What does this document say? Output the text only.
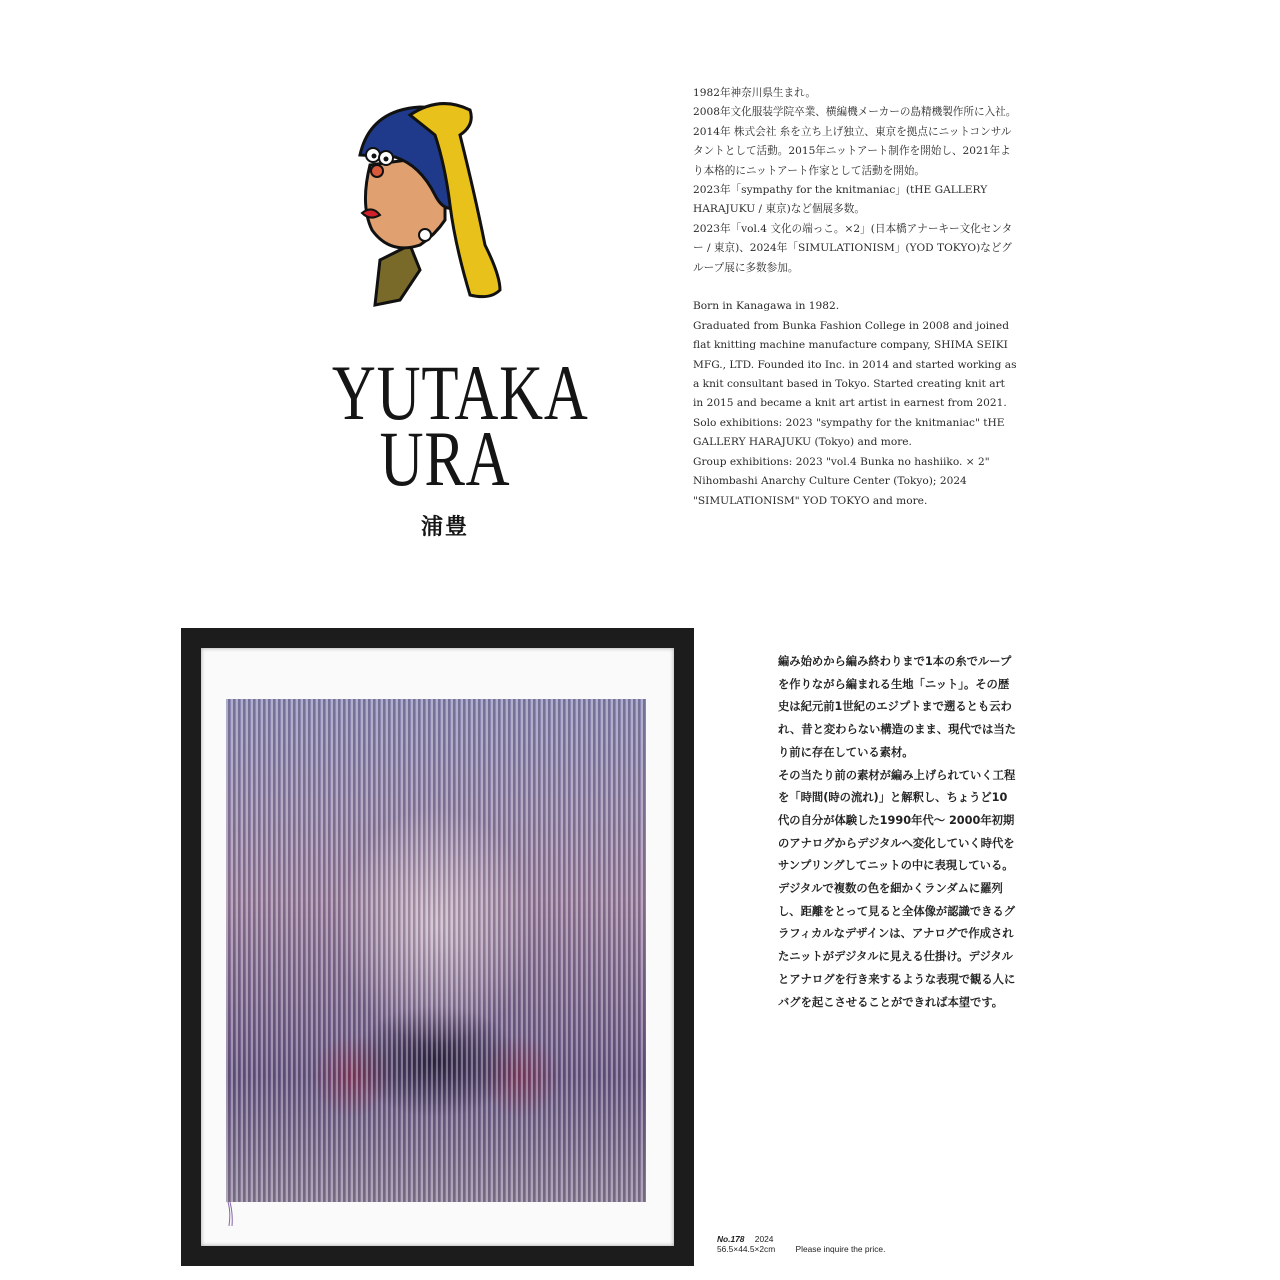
YUTAKA
URA
浦豊

1982年神奈川県生まれ。

2008年文化服装学院卒業、横編機メーカーの島精機製作所に入社。2014年 株式会社 糸を立ち上げ独立、東京を拠点にニットコンサルタントとして活動。2015年ニットアート制作を開始し、2021年より本格的にニットアート作家として活動を開始。

2023年「sympathy for the knitmaniac」(tHE GALLERY HARAJUKU / 東京)など個展多数。

2023年「vol.4 文化の端っこ。×2」(日本橋アナーキー文化センター / 東京)、2024年「SIMULATIONISM」(YOD TOKYO)などグループ展に多数参加。

Born in Kanagawa in 1982.

Graduated from Bunka Fashion College in 2008 and joined flat knitting machine manufacture company, SHIMA SEIKI MFG., LTD. Founded ito Inc. in 2014 and started working as a knit consultant based in Tokyo. Started creating knit art in 2015 and became a knit art artist in earnest from 2021.

Solo exhibitions: 2023 "sympathy for the knitmaniac" tHE GALLERY HARAJUKU (Tokyo) and more.

Group exhibitions: 2023 "vol.4 Bunka no hashiiko. × 2" Nihombashi Anarchy Culture Center (Tokyo); 2024 "SIMULATIONISM" YOD TOKYO and more.

No.178 2024
56.5×44.5×2cm Please inquire the price.

編み始めから編み終わりまで1本の糸でループを作りながら編まれる生地「ニット」。その歴史は紀元前1世紀のエジプトまで遡るとも云われ、昔と変わらない構造のまま、現代では当たり前に存在している素材。

その当たり前の素材が編み上げられていく工程を「時間(時の流れ)」と解釈し、ちょうど10代の自分が体験した1990年代〜 2000年初期のアナログからデジタルへ変化していく時代をサンプリングしてニットの中に表現している。

デジタルで複数の色を細かくランダムに羅列し、距離をとって見ると全体像が認識できるグラフィカルなデザインは、アナログで作成されたニットがデジタルに見える仕掛け。デジタルとアナログを行き来するような表現で観る人にバグを起こさせることができれば本望です。
